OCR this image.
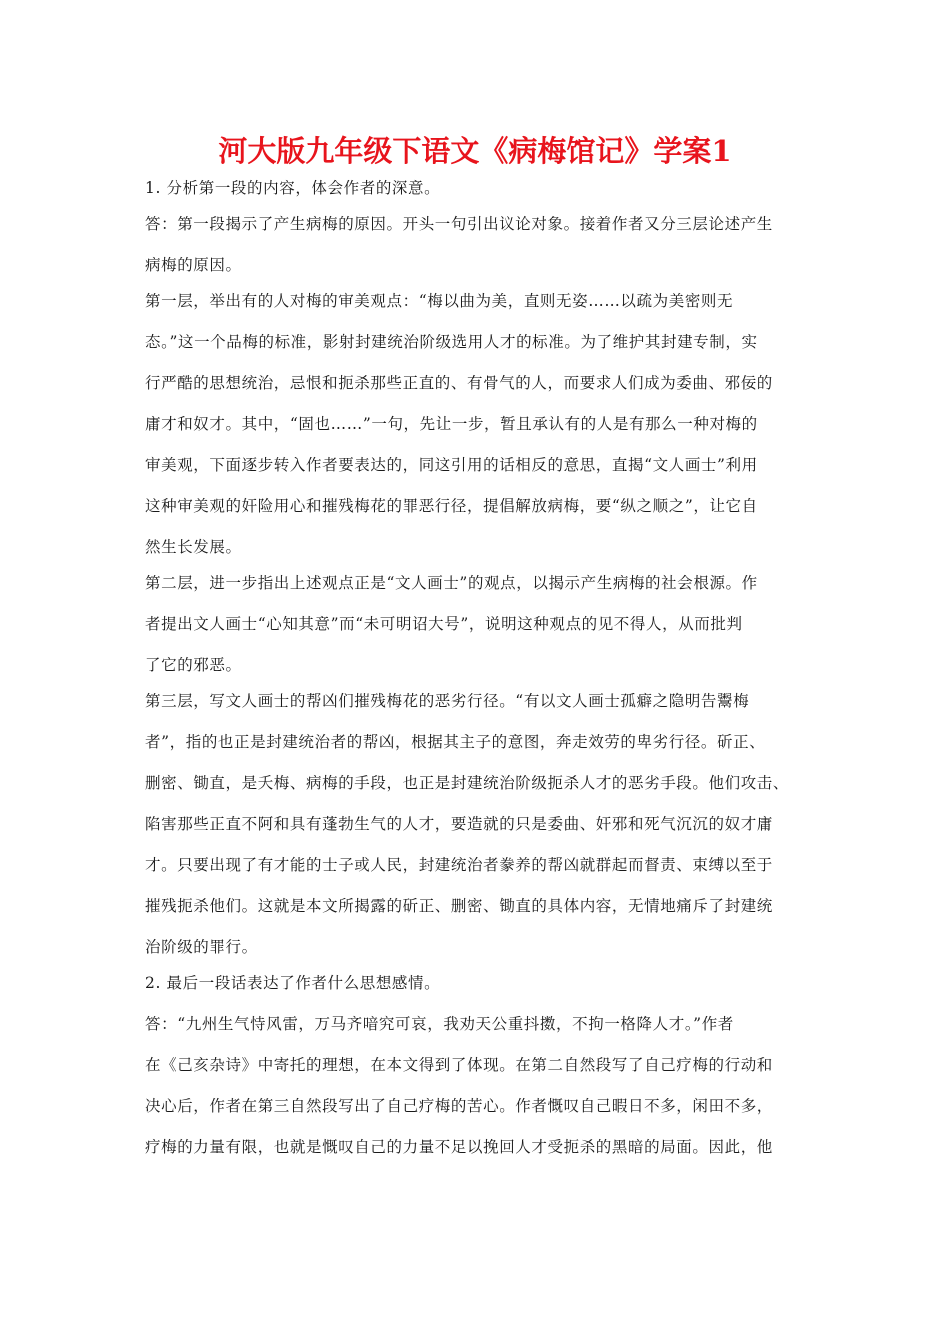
河大版九年级下语文《病梅馆记》学案1
1. 分析第一段的内容，体会作者的深意。
答：第一段揭示了产生病梅的原因。开头一句引出议论对象。接着作者又分三层论述产生
病梅的原因。
第一层，举出有的人对梅的审美观点：“梅以曲为美，直则无姿……以疏为美密则无
态。”这一个品梅的标准，影射封建统治阶级选用人才的标准。为了维护其封建专制，实
行严酷的思想统治，忌恨和扼杀那些正直的、有骨气的人，而要求人们成为委曲、邪佞的
庸才和奴才。其中，“固也……”一句，先让一步，暂且承认有的人是有那么一种对梅的
审美观，下面逐步转入作者要表达的，同这引用的话相反的意思，直揭“文人画士”利用
这种审美观的奸险用心和摧残梅花的罪恶行径，提倡解放病梅，要“纵之顺之”，让它自
然生长发展。
第二层，进一步指出上述观点正是“文人画士”的观点，以揭示产生病梅的社会根源。作
者提出文人画士“心知其意”而“未可明诏大号”，说明这种观点的见不得人，从而批判
了它的邪恶。
第三层，写文人画士的帮凶们摧残梅花的恶劣行径。“有以文人画士孤癖之隐明告鬻梅
者”，指的也正是封建统治者的帮凶，根据其主子的意图，奔走效劳的卑劣行径。斫正、
删密、锄直，是夭梅、病梅的手段，也正是封建统治阶级扼杀人才的恶劣手段。他们攻击、
陷害那些正直不阿和具有蓬勃生气的人才，要造就的只是委曲、奸邪和死气沉沉的奴才庸
才。只要出现了有才能的士子或人民，封建统治者豢养的帮凶就群起而督责、束缚以至于
摧残扼杀他们。这就是本文所揭露的斫正、删密、锄直的具体内容，无情地痛斥了封建统
治阶级的罪行。
2. 最后一段话表达了作者什么思想感情。
答：“九州生气恃风雷，万马齐喑究可哀，我劝天公重抖擞，不拘一格降人才。”作者
在《己亥杂诗》中寄托的理想，在本文得到了体现。在第二自然段写了自己疗梅的行动和
决心后，作者在第三自然段写出了自己疗梅的苦心。作者慨叹自己暇日不多，闲田不多，
疗梅的力量有限，也就是慨叹自己的力量不足以挽回人才受扼杀的黑暗的局面。因此，他
